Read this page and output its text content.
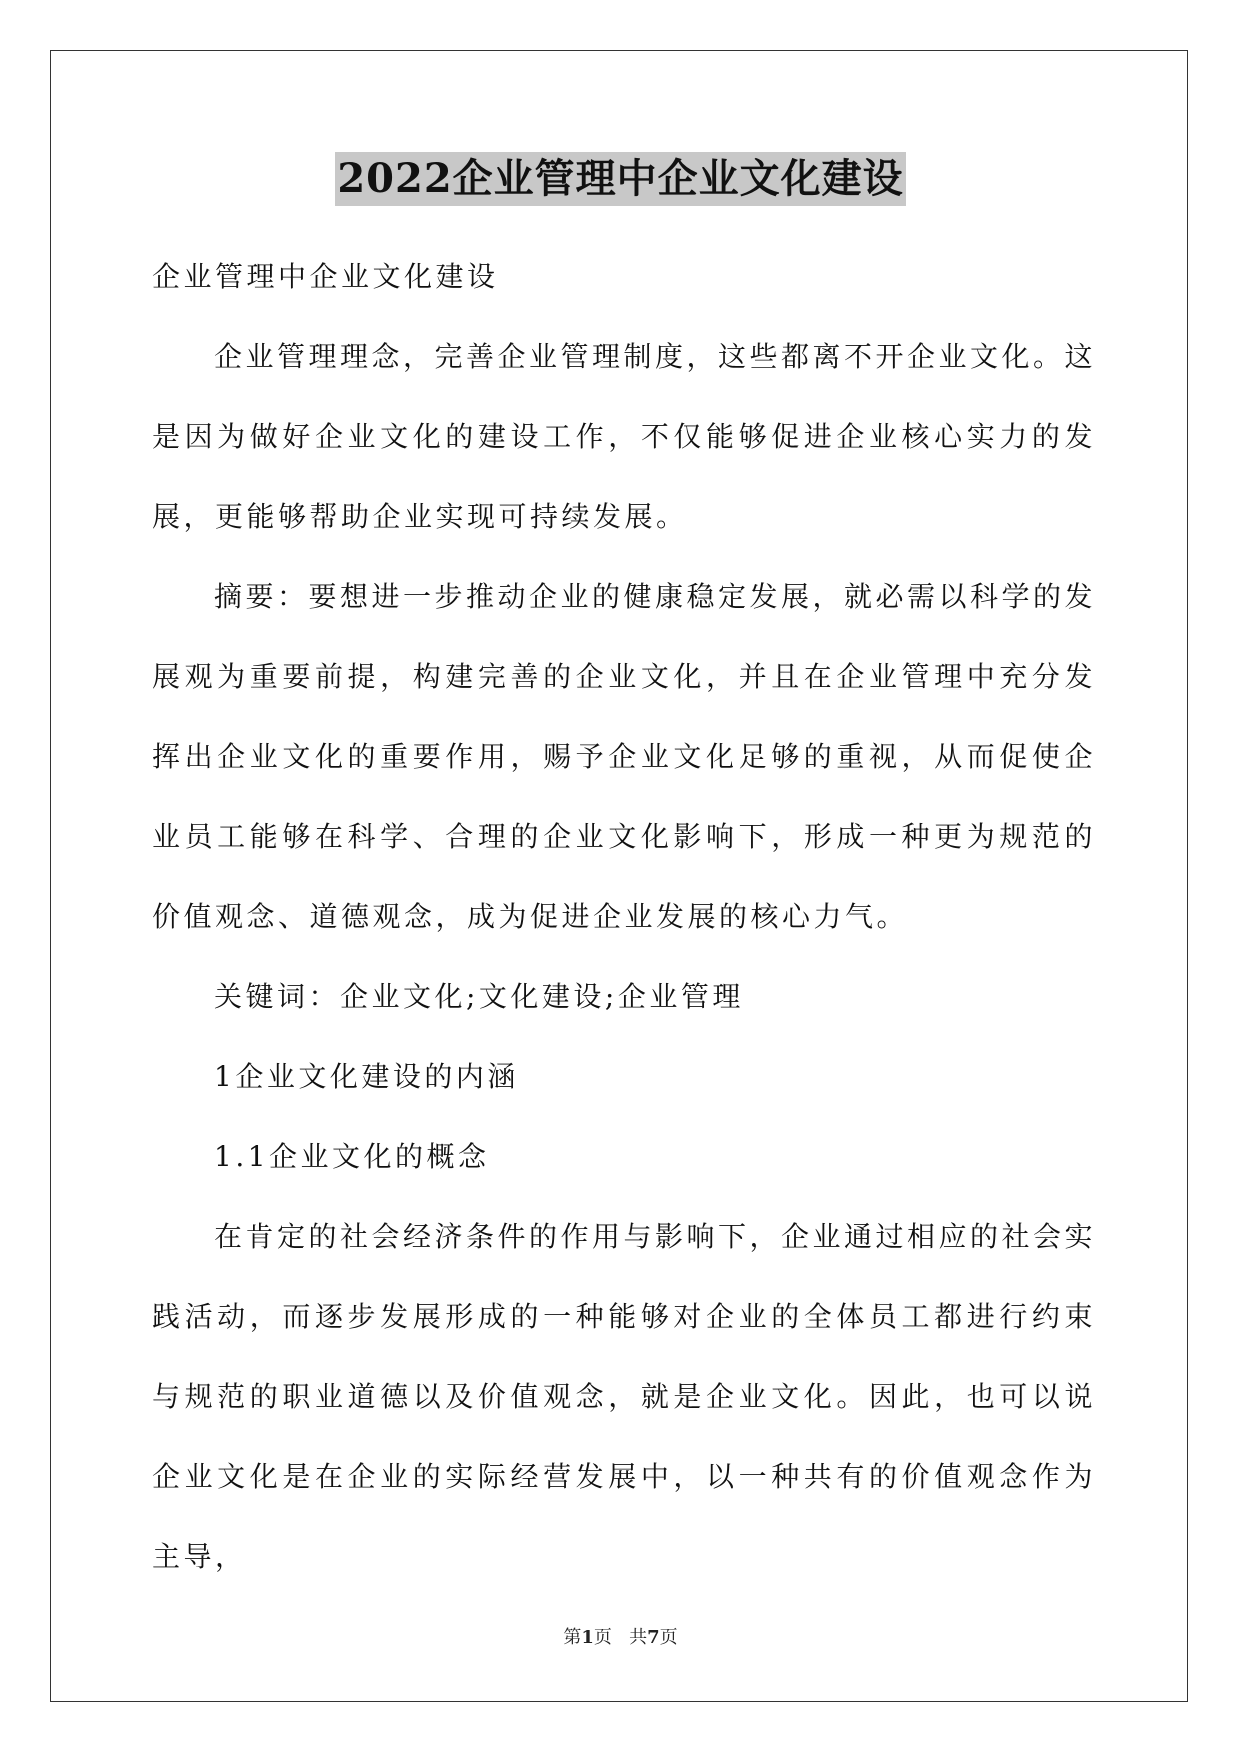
2022企业管理中企业文化建设

企业管理中企业文化建设

企业管理理念，完善企业管理制度，这些都离不开企业文化。这是因为做好企业文化的建设工作，不仅能够促进企业核心实力的发展，更能够帮助企业实现可持续发展。

摘要：要想进一步推动企业的健康稳定发展，就必需以科学的发展观为重要前提，构建完善的企业文化，并且在企业管理中充分发挥出企业文化的重要作用，赐予企业文化足够的重视，从而促使企业员工能够在科学、合理的企业文化影响下，形成一种更为规范的价值观念、道德观念，成为促进企业发展的核心力气。

关键词：企业文化;文化建设;企业管理

1企业文化建设的内涵

1.1企业文化的概念

在肯定的社会经济条件的作用与影响下，企业通过相应的社会实践活动，而逐步发展形成的一种能够对企业的全体员工都进行约束与规范的职业道德以及价值观念，就是企业文化。因此，也可以说企业文化是在企业的实际经营发展中，以一种共有的价值观念作为主导，

第1页 共7页
